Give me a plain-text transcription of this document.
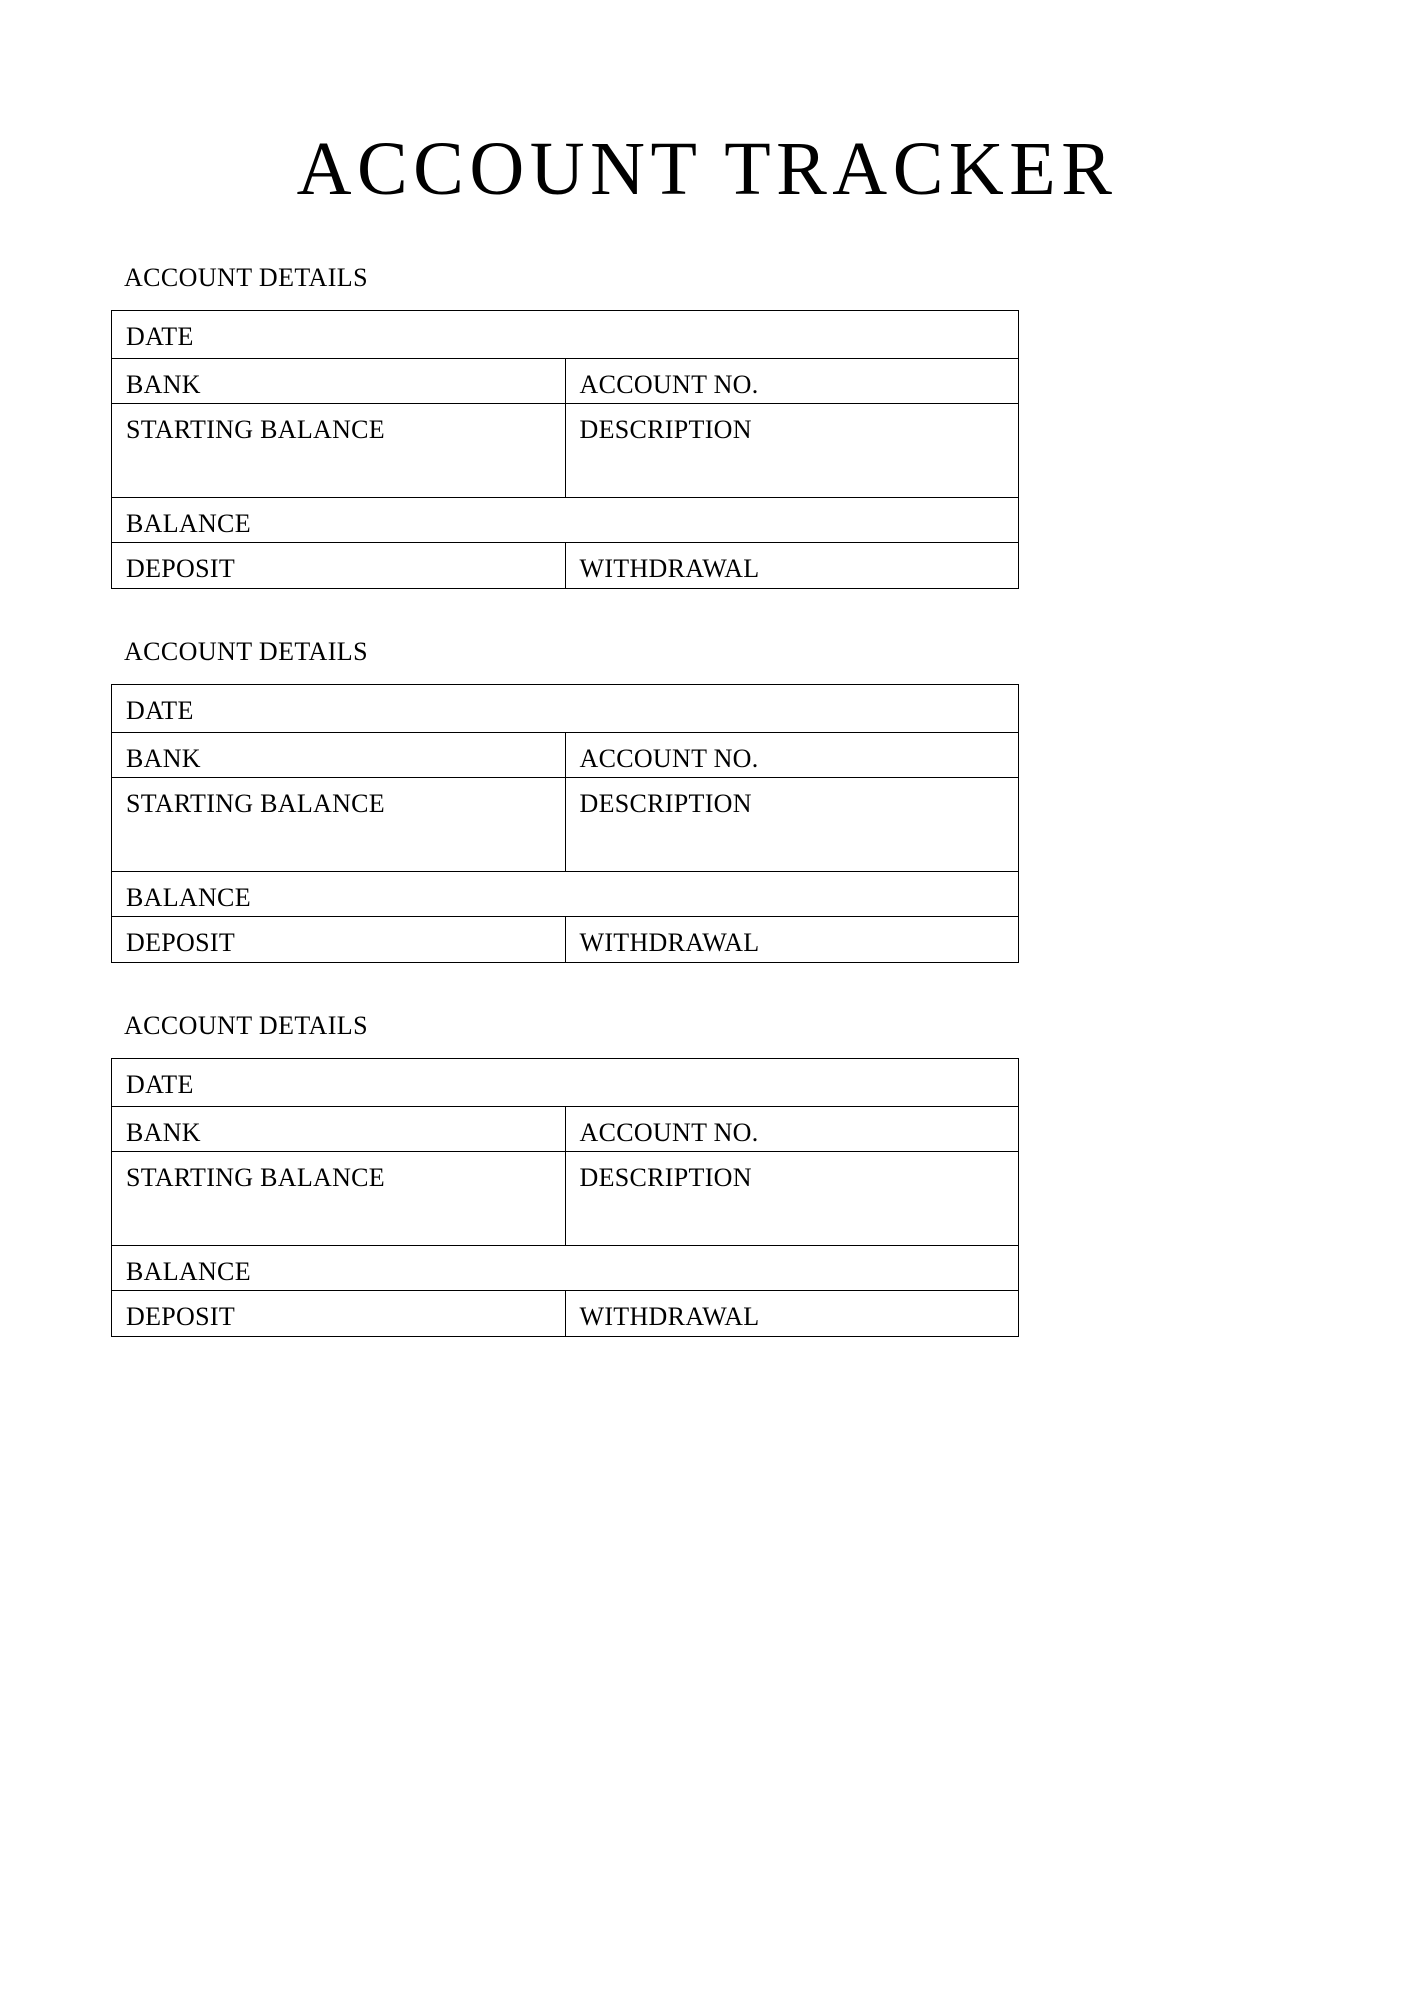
ACCOUNT TRACKER
ACCOUNT DETAILS
DATE	

BANK	ACCOUNT NO.

STARTING BALANCE	DESCRIPTION

BALANCE	

DEPOSIT	WITHDRAWAL
ACCOUNT DETAILS
DATE	

BANK	ACCOUNT NO.

STARTING BALANCE	DESCRIPTION

BALANCE	

DEPOSIT	WITHDRAWAL
ACCOUNT DETAILS
DATE	

BANK	ACCOUNT NO.

STARTING BALANCE	DESCRIPTION

BALANCE	

DEPOSIT	WITHDRAWAL
